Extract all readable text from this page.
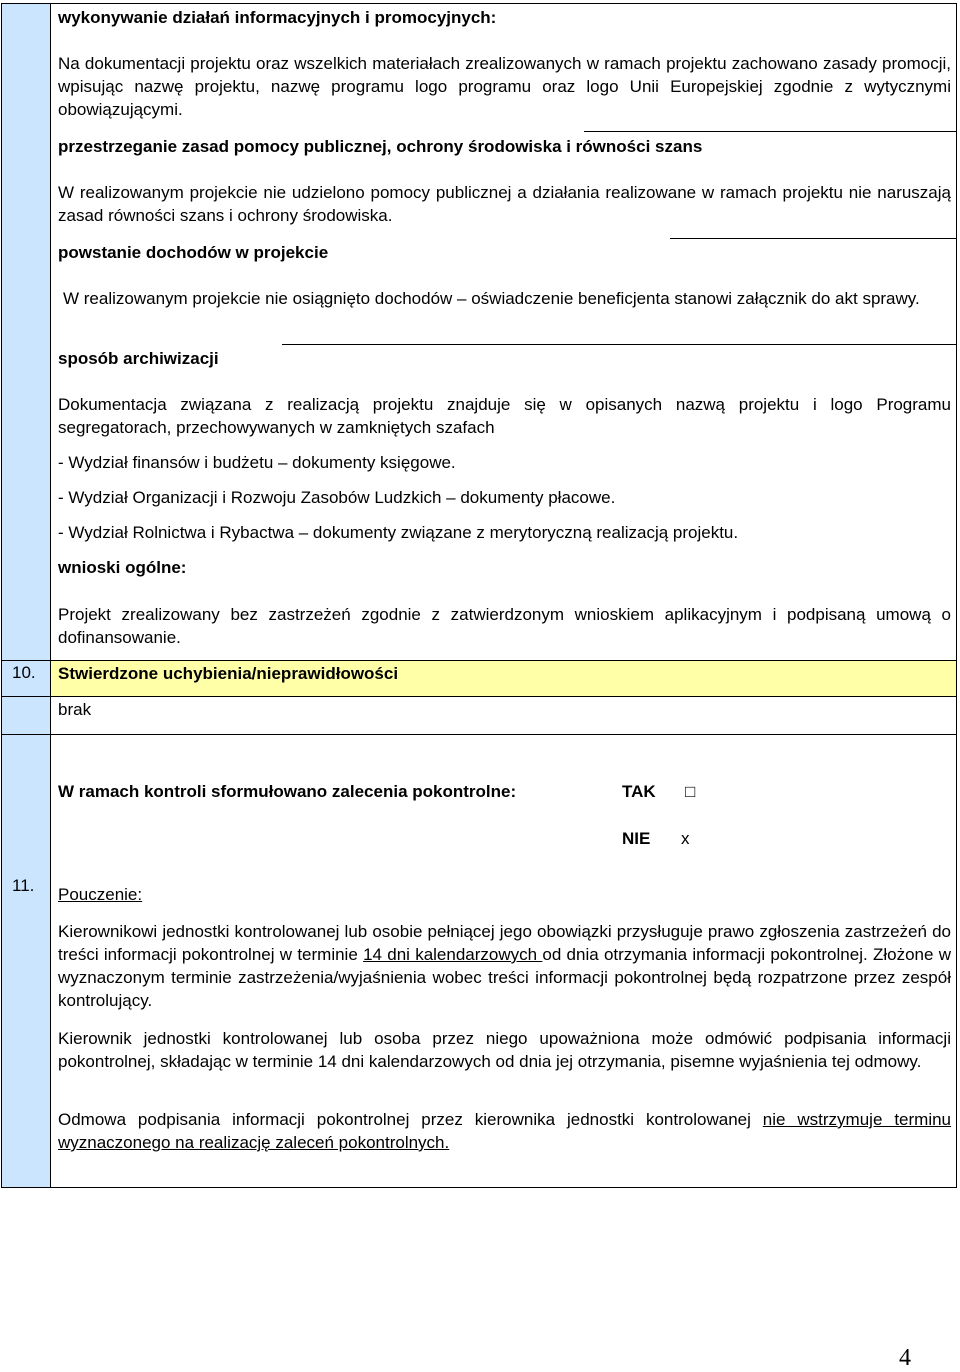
wykonywanie działań informacyjnych i promocyjnych:
Na dokumentacji projektu oraz wszelkich materiałach zrealizowanych w ramach projektu zachowano zasady promocji, wpisując nazwę projektu, nazwę programu logo programu oraz logo Unii Europejskiej zgodnie z wytycznymi obowiązującymi.
przestrzeganie zasad pomocy publicznej, ochrony środowiska i równości szans
W realizowanym projekcie nie udzielono pomocy publicznej a działania realizowane w ramach projektu nie naruszają zasad równości szans i ochrony środowiska.
powstanie dochodów w projekcie
W realizowanym projekcie nie osiągnięto dochodów – oświadczenie beneficjenta stanowi załącznik do akt sprawy.
sposób archiwizacji
Dokumentacja związana z realizacją projektu znajduje się w opisanych nazwą projektu i logo Programu segregatorach, przechowywanych w zamkniętych szafach
- Wydział finansów i budżetu – dokumenty księgowe.
- Wydział Organizacji i Rozwoju Zasobów Ludzkich – dokumenty płacowe.
- Wydział Rolnictwa i Rybactwa – dokumenty związane z merytoryczną realizacją projektu.
wnioski ogólne:
Projekt zrealizowany bez zastrzeżeń zgodnie z zatwierdzonym wnioskiem aplikacyjnym i podpisaną umową o dofinansowanie.
10. Stwierdzone uchybienia/nieprawidłowości
brak
11.
W ramach kontroli sformułowano zalecenia pokontrolne:	TAK □
NIE x
Pouczenie:
Kierownikowi jednostki kontrolowanej lub osobie pełniącej jego obowiązki przysługuje prawo zgłoszenia zastrzeżeń do treści informacji pokontrolnej w terminie 14 dni kalendarzowych od dnia otrzymania informacji pokontrolnej. Złożone w wyznaczonym terminie zastrzeżenia/wyjaśnienia wobec treści informacji pokontrolnej będą rozpatrzone przez zespół kontrolujący.
Kierownik jednostki kontrolowanej lub osoba przez niego upoważniona może odmówić podpisania informacji pokontrolnej, składając w terminie 14 dni kalendarzowych od dnia jej otrzymania, pisemne wyjaśnienia tej odmowy.
Odmowa podpisania informacji pokontrolnej przez kierownika jednostki kontrolowanej nie wstrzymuje terminu wyznaczonego na realizację zaleceń pokontrolnych.
4
